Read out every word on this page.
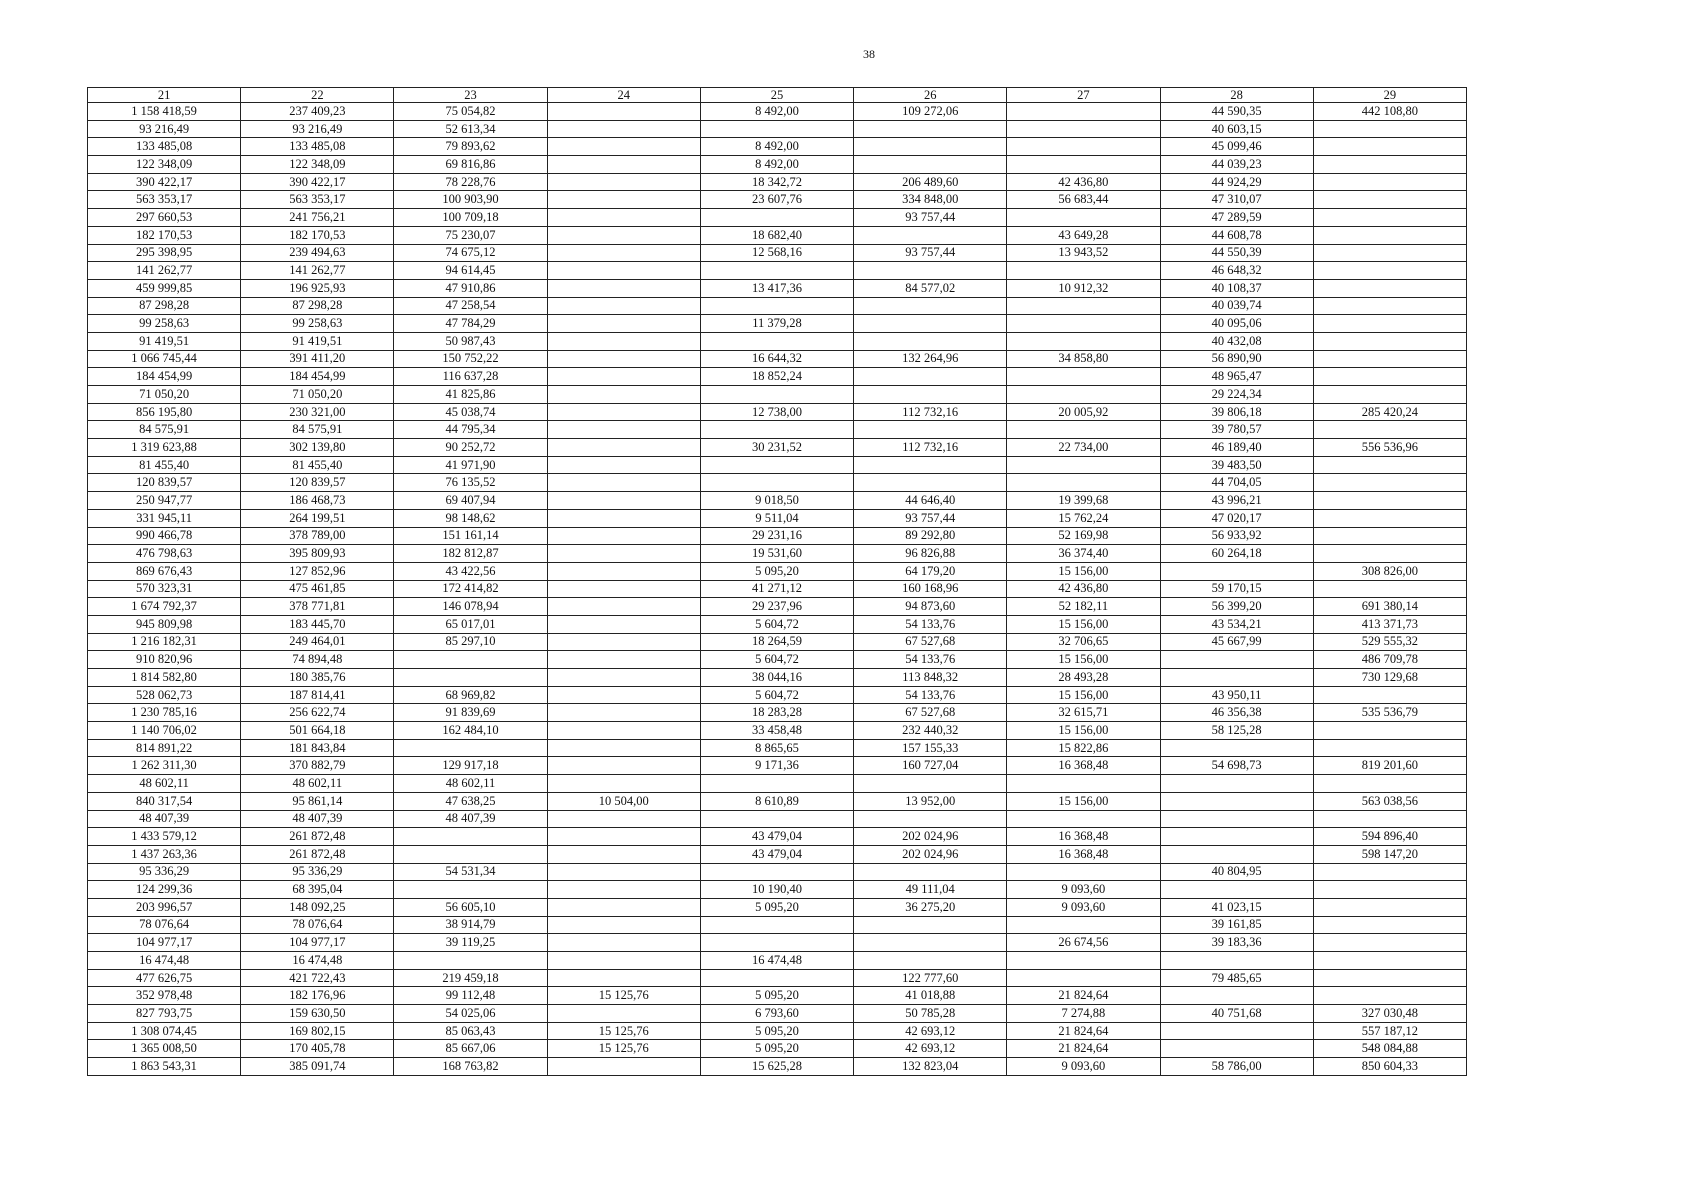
38
21	22	23	24	25	26	27	28	29
1 158 418,59	237 409,23	75 054,82		8 492,00	109 272,06		44 590,35	442 108,80
93 216,49	93 216,49	52 613,34					40 603,15	
133 485,08	133 485,08	79 893,62		8 492,00			45 099,46	
122 348,09	122 348,09	69 816,86		8 492,00			44 039,23	
390 422,17	390 422,17	78 228,76		18 342,72	206 489,60	42 436,80	44 924,29	
563 353,17	563 353,17	100 903,90		23 607,76	334 848,00	56 683,44	47 310,07	
297 660,53	241 756,21	100 709,18			93 757,44		47 289,59	
182 170,53	182 170,53	75 230,07		18 682,40		43 649,28	44 608,78	
295 398,95	239 494,63	74 675,12		12 568,16	93 757,44	13 943,52	44 550,39	
141 262,77	141 262,77	94 614,45					46 648,32	
459 999,85	196 925,93	47 910,86		13 417,36	84 577,02	10 912,32	40 108,37	
87 298,28	87 298,28	47 258,54					40 039,74	
99 258,63	99 258,63	47 784,29		11 379,28			40 095,06	
91 419,51	91 419,51	50 987,43					40 432,08	
1 066 745,44	391 411,20	150 752,22		16 644,32	132 264,96	34 858,80	56 890,90	
184 454,99	184 454,99	116 637,28		18 852,24			48 965,47	
71 050,20	71 050,20	41 825,86					29 224,34	
856 195,80	230 321,00	45 038,74		12 738,00	112 732,16	20 005,92	39 806,18	285 420,24
84 575,91	84 575,91	44 795,34					39 780,57	
1 319 623,88	302 139,80	90 252,72		30 231,52	112 732,16	22 734,00	46 189,40	556 536,96
81 455,40	81 455,40	41 971,90					39 483,50	
120 839,57	120 839,57	76 135,52					44 704,05	
250 947,77	186 468,73	69 407,94		9 018,50	44 646,40	19 399,68	43 996,21	
331 945,11	264 199,51	98 148,62		9 511,04	93 757,44	15 762,24	47 020,17	
990 466,78	378 789,00	151 161,14		29 231,16	89 292,80	52 169,98	56 933,92	
476 798,63	395 809,93	182 812,87		19 531,60	96 826,88	36 374,40	60 264,18	
869 676,43	127 852,96	43 422,56		5 095,20	64 179,20	15 156,00		308 826,00
570 323,31	475 461,85	172 414,82		41 271,12	160 168,96	42 436,80	59 170,15	
1 674 792,37	378 771,81	146 078,94		29 237,96	94 873,60	52 182,11	56 399,20	691 380,14
945 809,98	183 445,70	65 017,01		5 604,72	54 133,76	15 156,00	43 534,21	413 371,73
1 216 182,31	249 464,01	85 297,10		18 264,59	67 527,68	32 706,65	45 667,99	529 555,32
910 820,96	74 894,48			5 604,72	54 133,76	15 156,00		486 709,78
1 814 582,80	180 385,76			38 044,16	113 848,32	28 493,28		730 129,68
528 062,73	187 814,41	68 969,82		5 604,72	54 133,76	15 156,00	43 950,11	
1 230 785,16	256 622,74	91 839,69		18 283,28	67 527,68	32 615,71	46 356,38	535 536,79
1 140 706,02	501 664,18	162 484,10		33 458,48	232 440,32	15 156,00	58 125,28	
814 891,22	181 843,84			8 865,65	157 155,33	15 822,86		
1 262 311,30	370 882,79	129 917,18		9 171,36	160 727,04	16 368,48	54 698,73	819 201,60
48 602,11	48 602,11	48 602,11						
840 317,54	95 861,14	47 638,25	10 504,00	8 610,89	13 952,00	15 156,00		563 038,56
48 407,39	48 407,39	48 407,39						
1 433 579,12	261 872,48			43 479,04	202 024,96	16 368,48		594 896,40
1 437 263,36	261 872,48			43 479,04	202 024,96	16 368,48		598 147,20
95 336,29	95 336,29	54 531,34					40 804,95	
124 299,36	68 395,04			10 190,40	49 111,04	9 093,60		
203 996,57	148 092,25	56 605,10		5 095,20	36 275,20	9 093,60	41 023,15	
78 076,64	78 076,64	38 914,79					39 161,85	
104 977,17	104 977,17	39 119,25				26 674,56	39 183,36	
16 474,48	16 474,48			16 474,48				
477 626,75	421 722,43	219 459,18			122 777,60		79 485,65	
352 978,48	182 176,96	99 112,48	15 125,76	5 095,20	41 018,88	21 824,64		
827 793,75	159 630,50	54 025,06		6 793,60	50 785,28	7 274,88	40 751,68	327 030,48
1 308 074,45	169 802,15	85 063,43	15 125,76	5 095,20	42 693,12	21 824,64		557 187,12
1 365 008,50	170 405,78	85 667,06	15 125,76	5 095,20	42 693,12	21 824,64		548 084,88
1 863 543,31	385 091,74	168 763,82		15 625,28	132 823,04	9 093,60	58 786,00	850 604,33
